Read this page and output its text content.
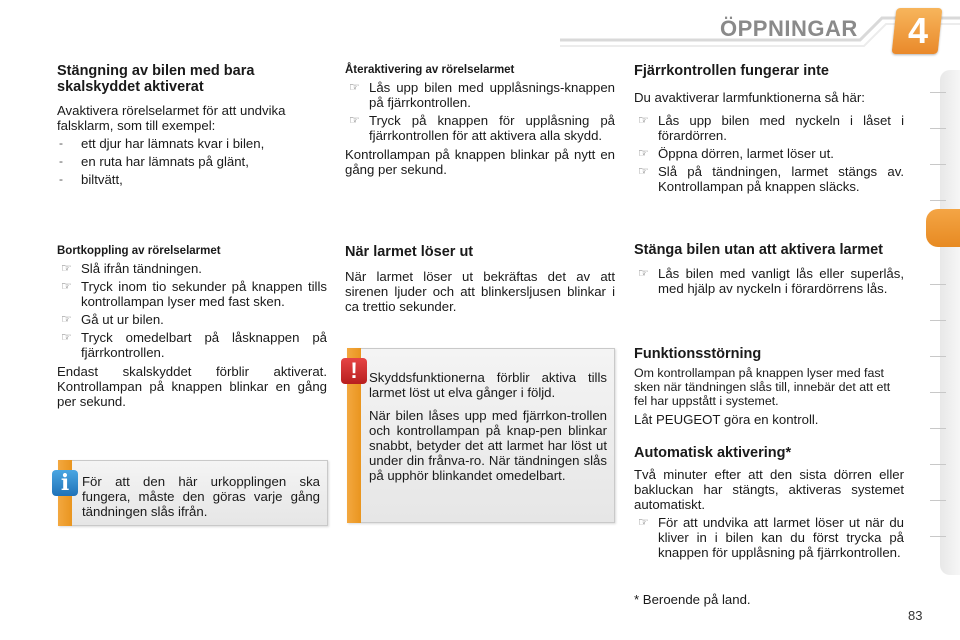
ÖPPNINGAR	4
Stängning av bilen med bara skalskyddet aktiverat
Avaktivera rörelselarmet för att undvika falsklarm, som till exempel:
- ett djur har lämnats kvar i bilen,
- en ruta har lämnats på glänt,
- biltvätt,
Bortkoppling av rörelselarmet
☞ Slå ifrån tändningen.
☞ Tryck inom tio sekunder på knappen tills kontrollampan lyser med fast sken.
☞ Gå ut ur bilen.
☞ Tryck omedelbart på låsknappen på fjärrkontrollen.
Endast skalskyddet förblir aktiverat. Kontrollampan på knappen blinkar en gång per sekund.
i För att den här urkopplingen ska fungera, måste den göras varje gång tändningen slås ifrån.
Återaktivering av rörelselarmet
☞ Lås upp bilen med upplåsnings-knappen på fjärrkontrollen.
☞ Tryck på knappen för upplåsning på fjärrkontrollen för att aktivera alla skydd.
Kontrollampan på knappen blinkar på nytt en gång per sekund.
När larmet löser ut
När larmet löser ut bekräftas det av att sirenen ljuder och att blinkersljusen blinkar i ca trettio sekunder.
! Skyddsfunktionerna förblir aktiva tills larmet löst ut elva gånger i följd.
När bilen låses upp med fjärrkon-trollen och kontrollampan på knap-pen blinkar snabbt, betyder det att larmet har löst ut under din frånva-ro. När tändningen slås på upphör blinkandet omedelbart.
Fjärrkontrollen fungerar inte
Du avaktiverar larmfunktionerna så här:
☞ Lås upp bilen med nyckeln i låset i förardörren.
☞ Öppna dörren, larmet löser ut.
☞ Slå på tändningen, larmet stängs av. Kontrollampan på knappen släcks.
Stänga bilen utan att aktivera larmet
☞ Lås bilen med vanligt lås eller superlås, med hjälp av nyckeln i förardörrens lås.
Funktionsstörning
Om kontrollampan på knappen lyser med fast sken när tändningen slås till, innebär det att ett fel har uppstått i systemet.
Låt PEUGEOT göra en kontroll.
Automatisk aktivering*
Två minuter efter att den sista dörren eller bakluckan har stängts, aktiveras systemet automatiskt.
☞ För att undvika att larmet löser ut när du kliver in i bilen kan du först trycka på knappen för upplåsning på fjärrkontrollen.
* Beroende på land.
83
